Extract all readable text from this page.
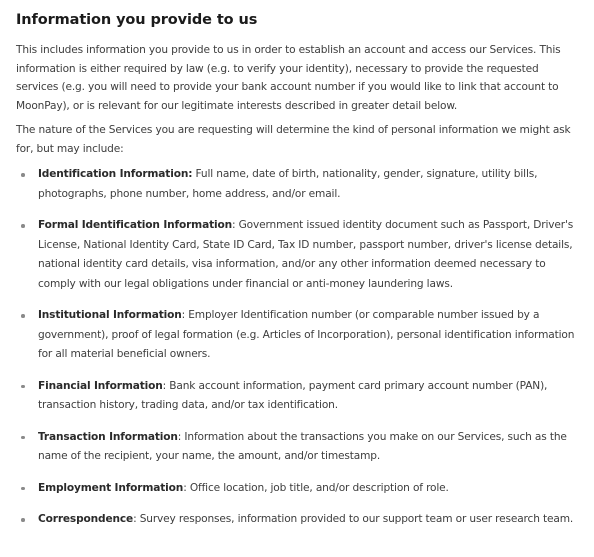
Information you provide to us

This includes information you provide to us in order to establish an account and access our Services. This information is either required by law (e.g. to verify your identity), necessary to provide the requested services (e.g. you will need to provide your bank account number if you would like to link that account to MoonPay), or is relevant for our legitimate interests described in greater detail below.

The nature of the Services you are requesting will determine the kind of personal information we might ask for, but may include:

Identification Information: Full name, date of birth, nationality, gender, signature, utility bills, photographs, phone number, home address, and/or email.
Formal Identification Information: Government issued identity document such as Passport, Driver's License, National Identity Card, State ID Card, Tax ID number, passport number, driver's license details, national identity card details, visa information, and/or any other information deemed necessary to comply with our legal obligations under financial or anti-money laundering laws.
Institutional Information: Employer Identification number (or comparable number issued by a government), proof of legal formation (e.g. Articles of Incorporation), personal identification information for all material beneficial owners.
Financial Information: Bank account information, payment card primary account number (PAN), transaction history, trading data, and/or tax identification.
Transaction Information: Information about the transactions you make on our Services, such as the name of the recipient, your name, the amount, and/or timestamp.
Employment Information: Office location, job title, and/or description of role.
Correspondence: Survey responses, information provided to our support team or user research team.
